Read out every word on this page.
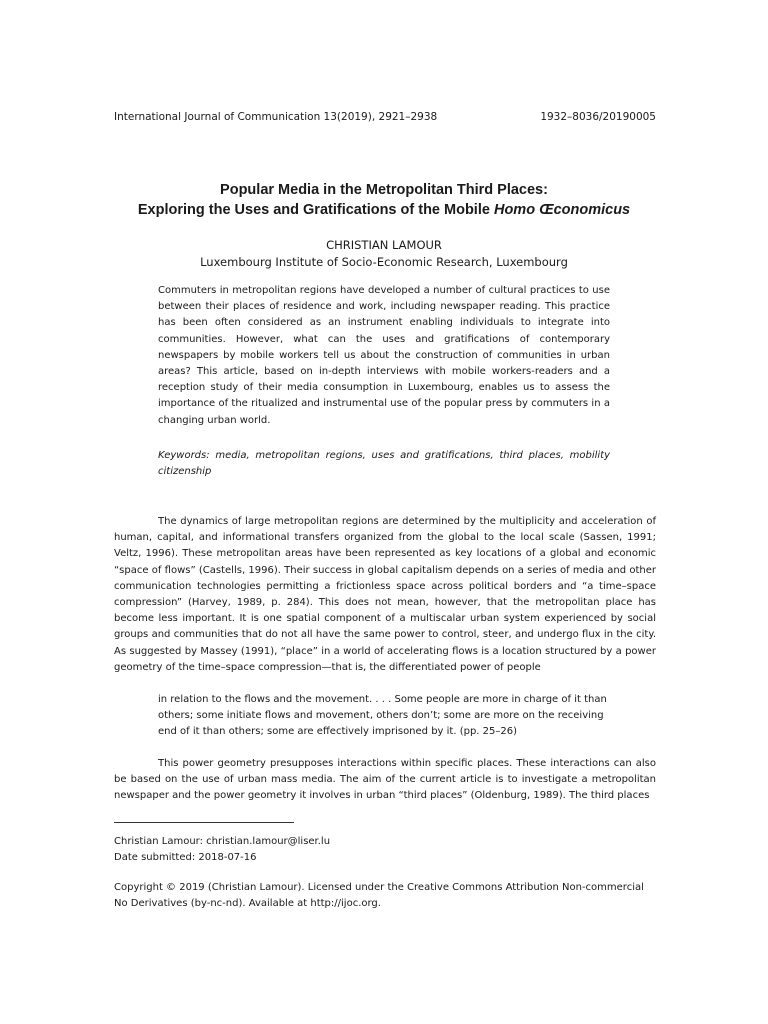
International Journal of Communication 13(2019), 2921–2938	1932–8036/20190005
Popular Media in the Metropolitan Third Places:
Exploring the Uses and Gratifications of the Mobile Homo Œconomicus
CHRISTIAN LAMOUR
Luxembourg Institute of Socio-Economic Research, Luxembourg

Commuters in metropolitan regions have developed a number of cultural practices to use between their places of residence and work, including newspaper reading. This practice has been often considered as an instrument enabling individuals to integrate into communities. However, what can the uses and gratifications of contemporary newspapers by mobile workers tell us about the construction of communities in urban areas? This article, based on in-depth interviews with mobile workers-readers and a reception study of their media consumption in Luxembourg, enables us to assess the importance of the ritualized and instrumental use of the popular press by commuters in a changing urban world.

Keywords: media, metropolitan regions, uses and gratifications, third places, mobility citizenship

The dynamics of large metropolitan regions are determined by the multiplicity and acceleration of human, capital, and informational transfers organized from the global to the local scale (Sassen, 1991; Veltz, 1996). These metropolitan areas have been represented as key locations of a global and economic “space of flows” (Castells, 1996). Their success in global capitalism depends on a series of media and other communication technologies permitting a frictionless space across political borders and “a time–space compression” (Harvey, 1989, p. 284). This does not mean, however, that the metropolitan place has become less important. It is one spatial component of a multiscalar urban system experienced by social groups and communities that do not all have the same power to control, steer, and undergo flux in the city. As suggested by Massey (1991), “place” in a world of accelerating flows is a location structured by a power geometry of the time–space compression—that is, the differentiated power of people

in relation to the flows and the movement. . . . Some people are more in charge of it than others; some initiate flows and movement, others don’t; some are more on the receiving end of it than others; some are effectively imprisoned by it. (pp. 25–26)

This power geometry presupposes interactions within specific places. These interactions can also be based on the use of urban mass media. The aim of the current article is to investigate a metropolitan newspaper and the power geometry it involves in urban “third places” (Oldenburg, 1989). The third places

Christian Lamour: christian.lamour@liser.lu
Date submitted: 2018-07-16

Copyright © 2019 (Christian Lamour). Licensed under the Creative Commons Attribution Non-commercial No Derivatives (by-nc-nd). Available at http://ijoc.org.
